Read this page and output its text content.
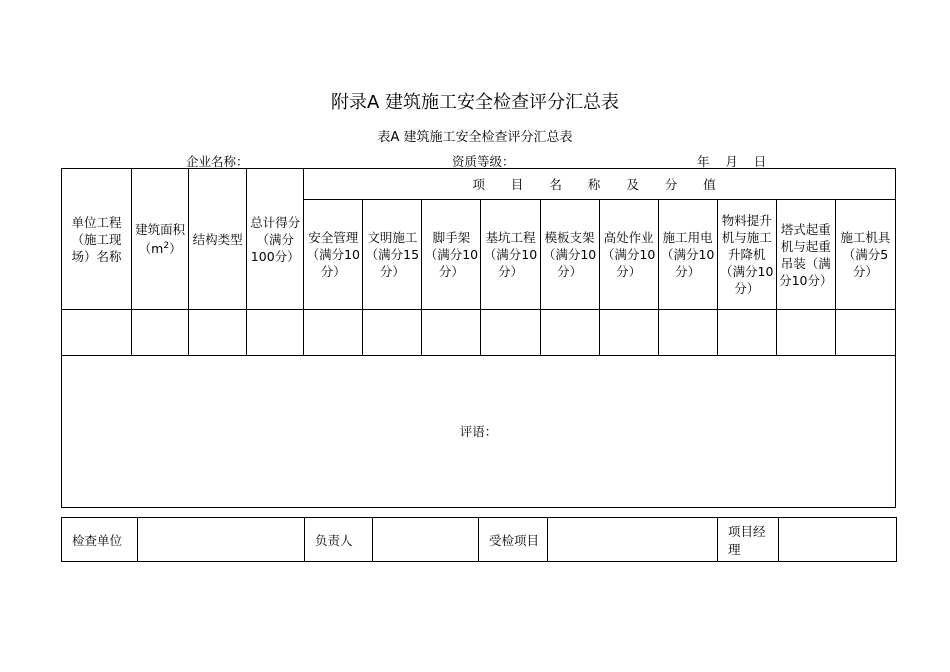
附录A 建筑施工安全检查评分汇总表
表A 建筑施工安全检查评分汇总表
企业名称：	资质等级：	年    月    日
单位工程（施工现场）名称	建筑面积$(m^2)$	结构类型	总计得分（满分100分）	项 目 名 称 及 分 值									
				安全管理（满分10分）	文明施工（满分15分）	脚手架（满分10分）	基坑工程（满分10分）	模板支架（满分10分）	高处作业（满分10分）	施工用电（满分10分）	物料提升机与施工升降机（满分10分）	塔式起重机与起重吊装（满分10分）	施工机具（满分5分）

评语：													
检查单位		负责人		受检项目		项目经理	
